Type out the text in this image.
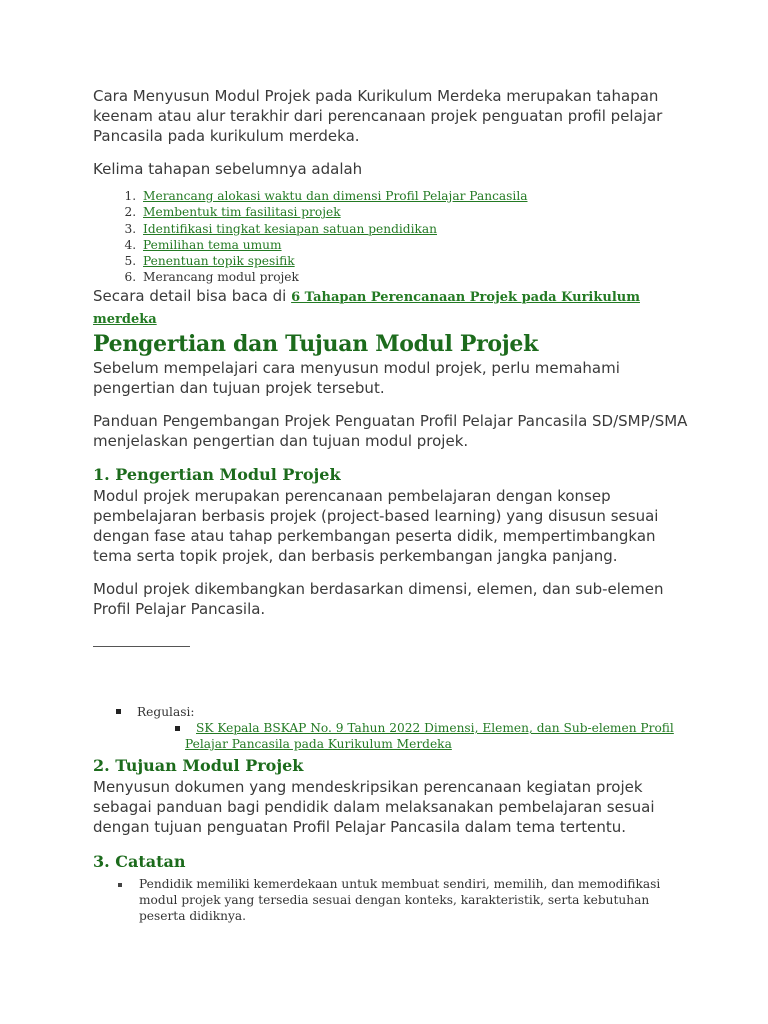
Cara Menyusun Modul Projek pada Kurikulum Merdeka merupakan tahapan keenam atau alur terakhir dari perencanaan projek penguatan profil pelajar Pancasila pada kurikulum merdeka.

Kelima tahapan sebelumnya adalah

1. Merancang alokasi waktu dan dimensi Profil Pelajar Pancasila
2. Membentuk tim fasilitasi projek
3. Identifikasi tingkat kesiapan satuan pendidikan
4. Pemilihan tema umum
5. Penentuan topik spesifik
6. Merancang modul projek

Secara detail bisa baca di 6 Tahapan Perencanaan Projek pada Kurikulum merdeka

Pengertian dan Tujuan Modul Projek

Sebelum mempelajari cara menyusun modul projek, perlu memahami pengertian dan tujuan projek tersebut.

Panduan Pengembangan Projek Penguatan Profil Pelajar Pancasila SD/SMP/SMA menjelaskan pengertian dan tujuan modul projek.

1. Pengertian Modul Projek

Modul projek merupakan perencanaan pembelajaran dengan konsep pembelajaran berbasis projek (project-based learning) yang disusun sesuai dengan fase atau tahap perkembangan peserta didik, mempertimbangkan tema serta topik projek, dan berbasis perkembangan jangka panjang.

Modul projek dikembangkan berdasarkan dimensi, elemen, dan sub-elemen Profil Pelajar Pancasila.

Regulasi:
SK Kepala BSKAP No. 9 Tahun 2022 Dimensi, Elemen, dan Sub-elemen Profil
Pelajar Pancasila pada Kurikulum Merdeka
2. Tujuan Modul Projek

Menyusun dokumen yang mendeskripsikan perencanaan kegiatan projek sebagai panduan bagi pendidik dalam melaksanakan pembelajaran sesuai dengan tujuan penguatan Profil Pelajar Pancasila dalam tema tertentu.

3. Catatan
Pendidik memiliki kemerdekaan untuk membuat sendiri, memilih, dan memodifikasi modul projek yang tersedia sesuai dengan konteks, karakteristik, serta kebutuhan peserta didiknya.
